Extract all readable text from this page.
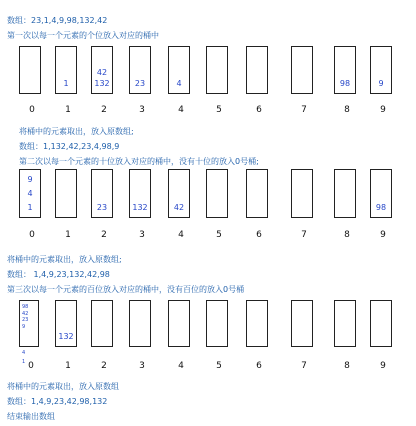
数组：23,1,4,9,98,132,42
第一次以每一个元素的个位放入对应的桶中
将桶中的元素取出，放入原数组;
数组：1,132,42,23,4,98,9
第二次以每一个元素的十位放入对应的桶中，没有十位的放入0号桶;
将桶中的元素取出，放入原数组;
数组： 1,4,9,23,132,42,98
第三次以每一个元素的百位放入对应的桶中，没有百位的放入0号桶
将桶中的元素取出，放入原数组
数组：1,4,9,23,42,98,132
结束输出数组
0
1
1
42
132
2
23
3
4
4	5	6	7
98
8
9
9
9
4
1
0	1
23
2
132
3
42
4	5	6	7	8
98
9
98
42
23
9
0
132
1	2	3	4	5	6	7	8	9
4
1
